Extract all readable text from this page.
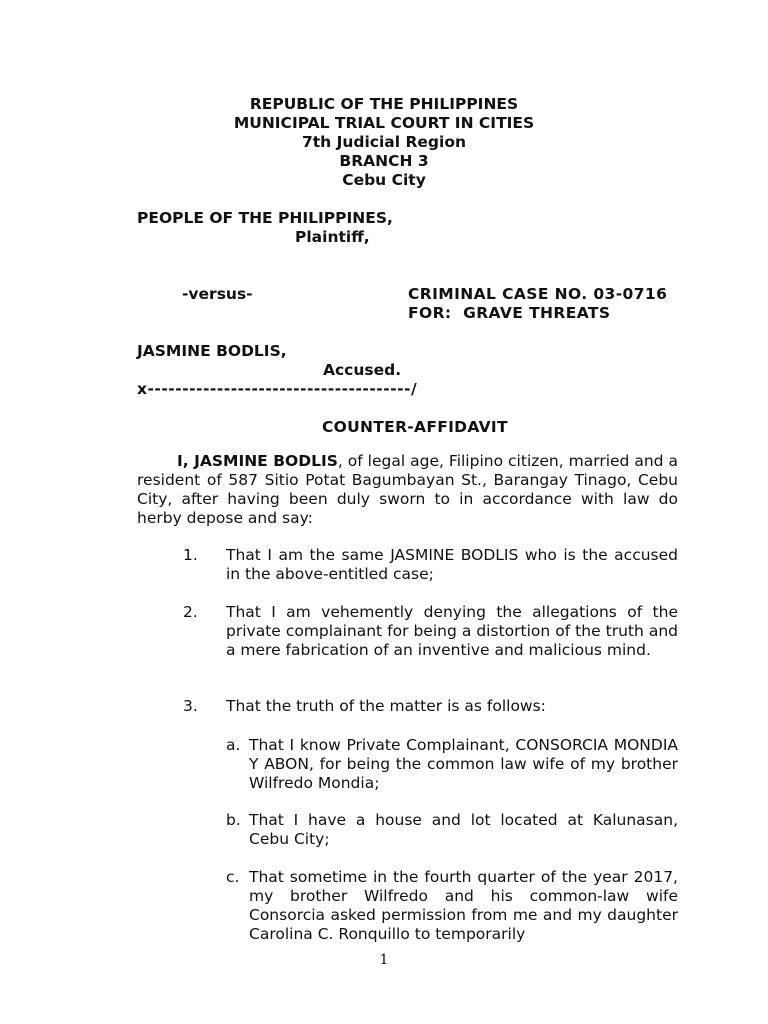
REPUBLIC OF THE PHILIPPINES
MUNICIPAL TRIAL COURT IN CITIES
7th Judicial Region
BRANCH 3
Cebu City
PEOPLE OF THE PHILIPPINES,
Plaintiff,
-versus-	CRIMINAL CASE NO. 03-0716
FOR:  GRAVE THREATS
JASMINE BODLIS,
Accused.
x--------------------------------------/
COUNTER-AFFIDAVIT
I, JASMINE BODLIS, of legal age, Filipino citizen, married and a resident of 587 Sitio Potat Bagumbayan St., Barangay Tinago, Cebu City, after having been duly sworn to in accordance with law do herby depose and say:
1. That I am the same JASMINE BODLIS who is the accused in the above-entitled case;
2. That I am vehemently denying the allegations of the private complainant for being a distortion of the truth and a mere fabrication of an inventive and malicious mind.
3. That the truth of the matter is as follows:
a. That I know Private Complainant, CONSORCIA MONDIA Y ABON, for being the common law wife of my brother Wilfredo Mondia;
b. That I have a house and lot located at Kalunasan, Cebu City;
c. That sometime in the fourth quarter of the year 2017, my brother Wilfredo and his common-law wife Consorcia asked permission from me and my daughter Carolina C. Ronquillo to temporarily
1
